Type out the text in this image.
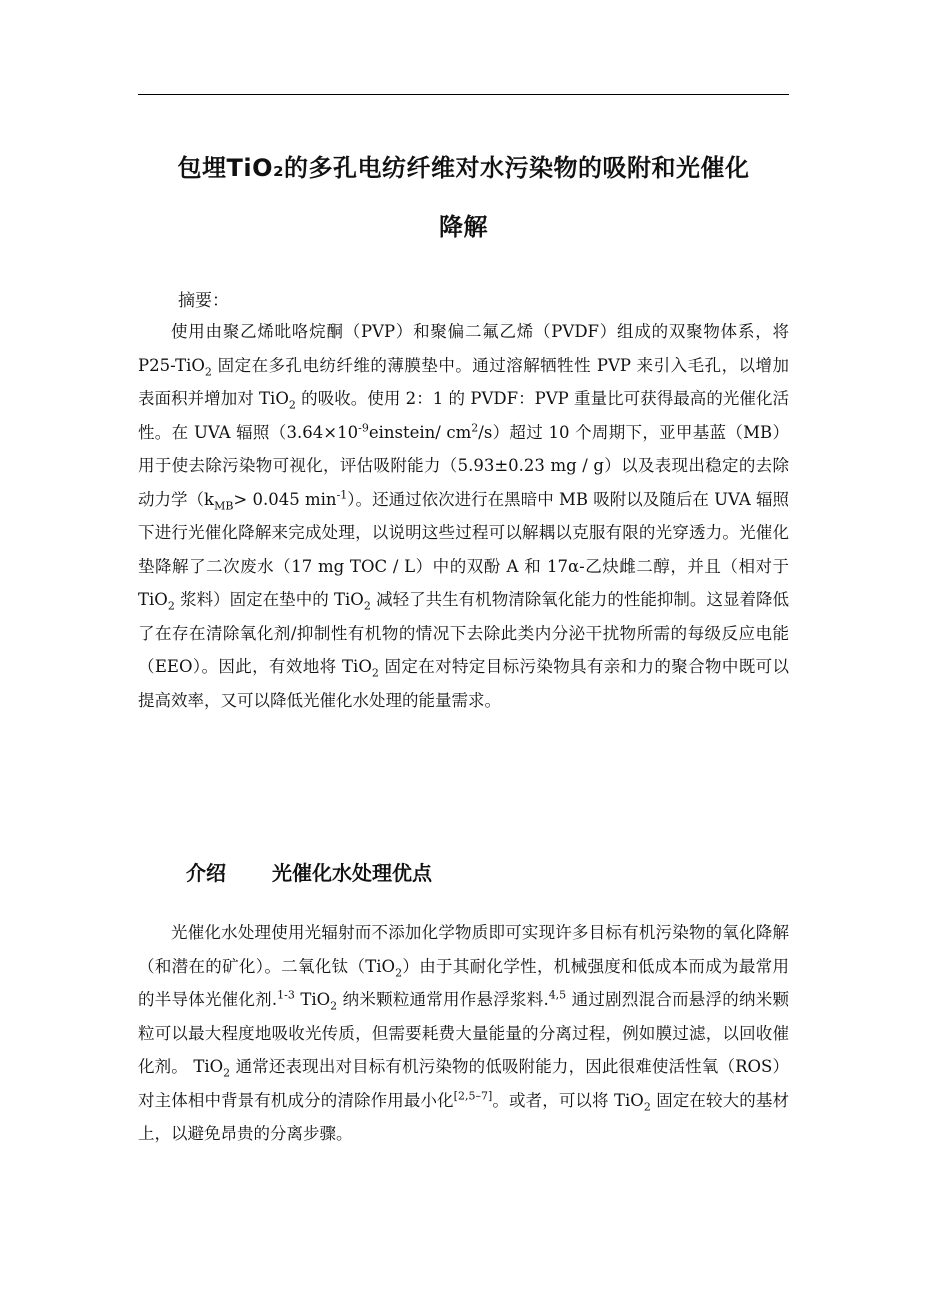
包埋TiO₂的多孔电纺纤维对水污染物的吸附和光催化
降解

摘要：

使用由聚乙烯吡咯烷酮（PVP）和聚偏二氟乙烯（PVDF）组成的双聚物体系，将 P25-TiO$_2$ 固定在多孔电纺纤维的薄膜垫中。通过溶解牺牲性 PVP 来引入毛孔，以增加表面积并增加对 TiO$_2$ 的吸收。使用 2：1 的 PVDF：PVP 重量比可获得最高的光催化活性。在 UVA 辐照（$3.64\times 10^{-9}einstein/$ $cm^2/s$）超过 10 个周期下，亚甲基蓝（MB）用于使去除污染物可视化，评估吸附能力（5.93±0.23 mg / g）以及表现出稳定的去除动力学（$k_{MB}> 0.045$ $\min^{-1}$）。还通过依次进行在黑暗中 MB 吸附以及随后在 UVA 辐照下进行光催化降解来完成处理，以说明这些过程可以解耦以克服有限的光穿透力。光催化垫降解了二次废水（17 mg TOC / L）中的双酚 A 和 17α-乙炔雌二醇，并且（相对于 TiO$_2$ 浆料）固定在垫中的 TiO$_2$ 减轻了共生有机物清除氧化能力的性能抑制。这显着降低了在存在清除氧化剂/抑制性有机物的情况下去除此类内分泌干扰物所需的每级反应电能（EEO）。因此，有效地将 TiO$_2$ 固定在对特定目标污染物具有亲和力的聚合物中既可以提高效率，又可以降低光催化水处理的能量需求。

介绍 光催化水处理优点

光催化水处理使用光辐射而不添加化学物质即可实现许多目标有机污染物的氧化降解（和潜在的矿化）。二氧化钛（TiO$_2$）由于其耐化学性，机械强度和低成本而成为最常用的半导体光催化剂.$^{1-3}$ TiO$_2$ 纳米颗粒通常用作悬浮浆料.$^{4,5}$ 通过剧烈混合而悬浮的纳米颗粒可以最大程度地吸收光传质，但需要耗费大量能量的分离过程，例如膜过滤，以回收催化剂。 TiO$_2$ 通常还表现出对目标有机污染物的低吸附能力，因此很难使活性氧（ROS）对主体相中背景有机成分的清除作用最小化[2,5–7]。或者，可以将 TiO$_2$ 固定在较大的基材上，以避免昂贵的分离步骤。
